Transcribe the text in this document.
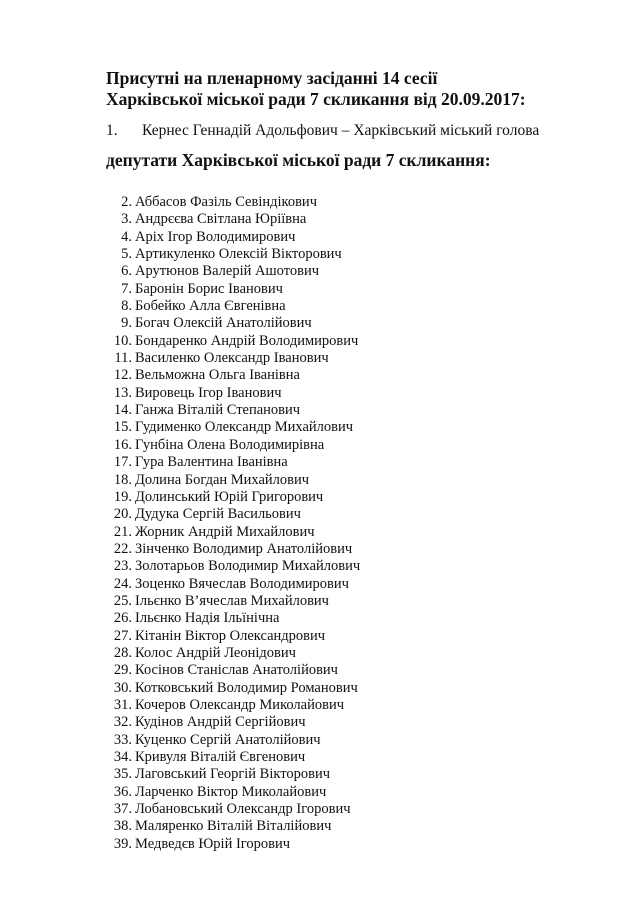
Присутні на пленарному засіданні 14 сесії
Харківської міської ради 7 скликання від 20.09.2017:
1. Кернес Геннадій Адольфович – Харківський міський голова
депутати Харківської міської ради 7 скликання:
2. Аббасов Фазіль Севіндікович
3. Андрєєва Світлана Юріївна
4. Аріх Ігор Володимирович
5. Артикуленко Олексій Вікторович
6. Арутюнов Валерій Ашотович
7. Баронін Борис Іванович
8. Бобейко Алла Євгенівна
9. Богач Олексій Анатолійович
10. Бондаренко Андрій Володимирович
11. Василенко Олександр Іванович
12. Вельможна Ольга Іванівна
13. Вировець Ігор Іванович
14. Ганжа Віталій Степанович
15. Гудименко Олександр Михайлович
16. Гунбіна Олена Володимирівна
17. Гура Валентина Іванівна
18. Долина Богдан Михайлович
19. Долинський Юрій Григорович
20. Дудука Сергій Васильович
21. Жорник Андрій Михайлович
22. Зінченко Володимир Анатолійович
23. Золотарьов Володимир Михайлович
24. Зоценко Вячеслав Володимирович
25. Ільєнко В’ячеслав Михайлович
26. Ільєнко Надія Ільїнічна
27. Кітанін Віктор Олександрович
28. Колос Андрій Леонідович
29. Косінов Станіслав Анатолійович
30. Котковський Володимир Романович
31. Кочеров Олександр Миколайович
32. Кудінов Андрій Сергійович
33. Куценко Сергій Анатолійович
34. Кривуля Віталій Євгенович
35. Лаговський Георгій Вікторович
36. Ларченко Віктор Миколайович
37. Лобановський Олександр Ігорович
38. Маляренко Віталій Віталійович
39. Медведєв Юрій Ігорович
